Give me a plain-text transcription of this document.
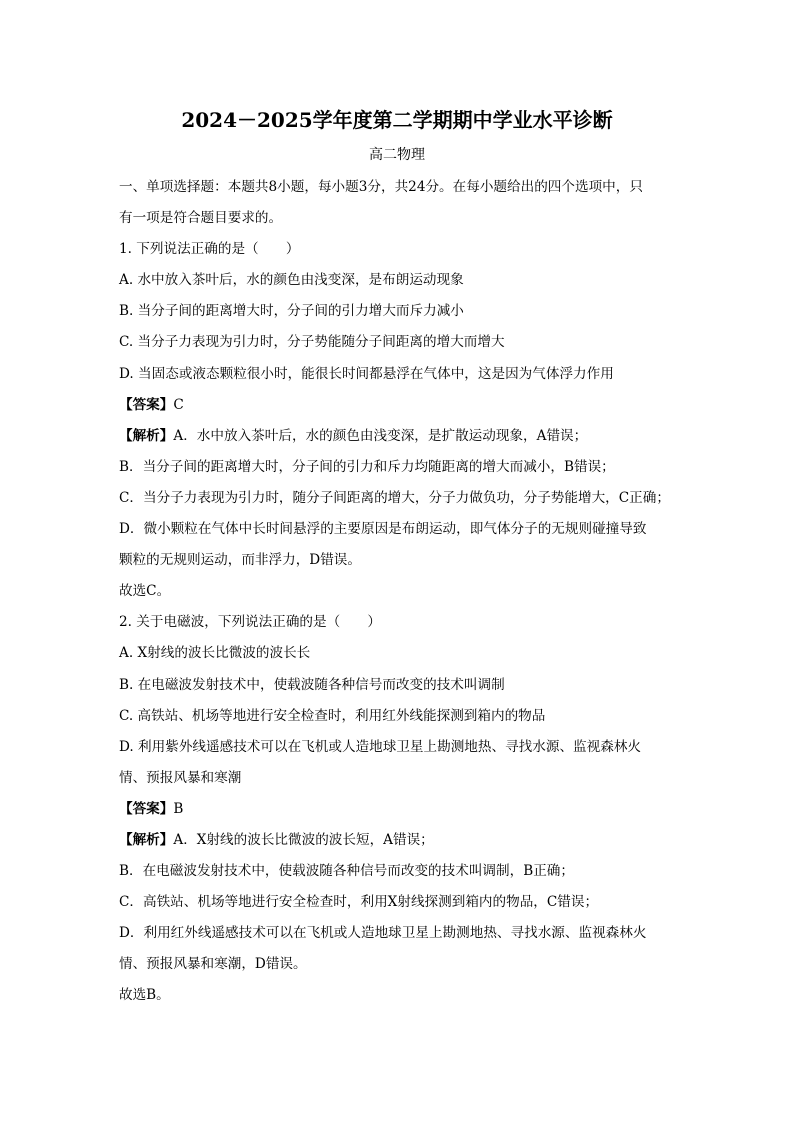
2024－2025学年度第二学期期中学业水平诊断
高二物理
一、单项选择题：本题共8小题，每小题3分，共24分。在每小题给出的四个选项中，只
有一项是符合题目要求的。
1. 下列说法正确的是（　　）
A. 水中放入茶叶后，水的颜色由浅变深，是布朗运动现象
B. 当分子间的距离增大时，分子间的引力增大而斥力减小
C. 当分子力表现为引力时，分子势能随分子间距离的增大而增大
D. 当固态或液态颗粒很小时，能很长时间都悬浮在气体中，这是因为气体浮力作用
【答案】C
【解析】A．水中放入茶叶后，水的颜色由浅变深，是扩散运动现象，A错误；
B．当分子间的距离增大时，分子间的引力和斥力均随距离的增大而减小，B错误；
C．当分子力表现为引力时，随分子间距离的增大，分子力做负功，分子势能增大，C正确；
D．微小颗粒在气体中长时间悬浮的主要原因是布朗运动，即气体分子的无规则碰撞导致
颗粒的无规则运动，而非浮力，D错误。
故选C。
2. 关于电磁波，下列说法正确的是（　　）
A. X射线的波长比微波的波长长
B. 在电磁波发射技术中，使载波随各种信号而改变的技术叫调制
C. 高铁站、机场等地进行安全检查时，利用红外线能探测到箱内的物品
D. 利用紫外线遥感技术可以在飞机或人造地球卫星上勘测地热、寻找水源、监视森林火
情、预报风暴和寒潮
【答案】B
【解析】A．X射线的波长比微波的波长短，A错误；
B．在电磁波发射技术中，使载波随各种信号而改变的技术叫调制，B正确；
C．高铁站、机场等地进行安全检查时，利用X射线探测到箱内的物品，C错误；
D．利用红外线遥感技术可以在飞机或人造地球卫星上勘测地热、寻找水源、监视森林火
情、预报风暴和寒潮，D错误。
故选B。
